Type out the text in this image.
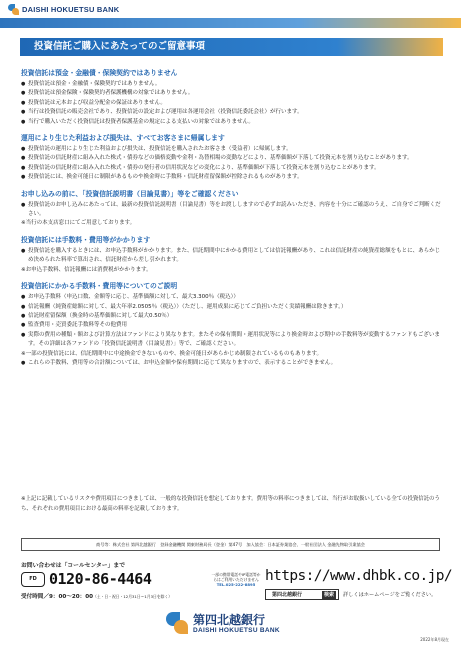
DAISHI HOKUETSU BANK
投資信託ご購入にあたってのご留意事項
投資信託は預金・金融債・保険契約ではありません
● 投資信託は預金・金融債・保険契約ではありません。
● 投資信託は預金保険・保険契約者保護機構の対象ではありません。
● 投資信託は元本および収益分配金の保証はありません。
● 当行は投資信託の販売会社であり、投資信託の設定および運用は各運用会社（投資信託委託会社）が行います。
● 当行で購入いただく投資信託は投資者保護基金の規定による支払いの対象ではありません。
運用により生じた利益および損失は、すべてお客さまに帰属します
● 投資信託の運用により生じた利益および損失は、投資信託を購入されたお客さま（受益者）に帰属します。
● 投資信託の信託財産に組み入れた株式・債券などの価格変動や金利・為替相場の変動などにより、基準価額が下落して投資元本を割り込むことがあります。
● 投資信託の信託財産に組み入れた株式・債券の発行者の信用状況などの変化により、基準価額が下落して投資元本を割り込むことがあります。
● 投資信託には、換金可能日に制限があるものや換金時に手数料・信託財産留保額が控除されるものがあります。
お申し込みの前に、「投資信託説明書（目論見書）」等をご確認ください
● 投資信託のお申し込みにあたっては、最新の投資信託説明書（目論見書）等をお渡ししますので必ずお読みいただき、内容を十分にご確認のうえ、ご自身でご判断ください。
※当行の本支店窓口にてご用意しております。
投資信託には手数料・費用等がかかります
● 投資信託を購入するときには、お申込手数料がかかります。また、信託期間中にかかる費用としては信託報酬があり、これは信託財産の純資産総額をもとに、あらかじめ決められた料率で算出され、信託財産から差し引かれます。
※お申込手数料、信託報酬には消費税がかかります。
投資信託にかかる手数料・費用等についてのご説明
● お申込手数料（申込口数、金額等に応じ、基準価額に対して、最大3.300％（税込））
● 信託報酬（純資産総額に対して、最大年率2.0505％（税込））（ただし、運用成果に応じてご負担いただく実績報酬は除きます。）
● 信託財産留保額（換金時の基準価額に対して最大0.50％）
● 監査費用・売買委託手数料等その他費用
● 実際の費用の種類・額および計算方法はファンドにより異なります。またその保有期間・運用状況等により換金時および期中の手数料等が変動するファンドもございます。その詳細は各ファンドの「投資信託説明書（目論見書）」等で、ご確認ください。
※一部の投資信託には、信託期間中に中途換金できないものや、換金可能日があらかじめ制限されているものもあります。
● これらの手数料、費用等の合計額については、お申込金額や保有期間に応じて異なりますので、表示することができません。
※上記に記載しているリスクや費用項目につきましては、一般的な投資信託を想定しております。費用等の料率につきましては、当行がお取扱いしている全ての投資信託のうち、それぞれの費用項目における最高の料率を記載しております。
商号等：株式会社 第四北越銀行　登録金融機関 関東財務局長（登金）第47号　加入協会：日本証券業協会、一般社団法人 金融先物取引業協会
お問い合わせは「コールセンター」まで
FD 0120-86-4464	一部の携帯電話やIP電話等からはご利用いただけません
TEL.025-222-8895
受付時間／9：00〜20：00（土・日・祝日・12月31日〜1月3日を除く）
https://www.dhbk.co.jp/
第四北越銀行	検索	詳しくはホームページをご覧ください。
第四北越銀行
DAISHI HOKUETSU BANK
2022年8月現在
